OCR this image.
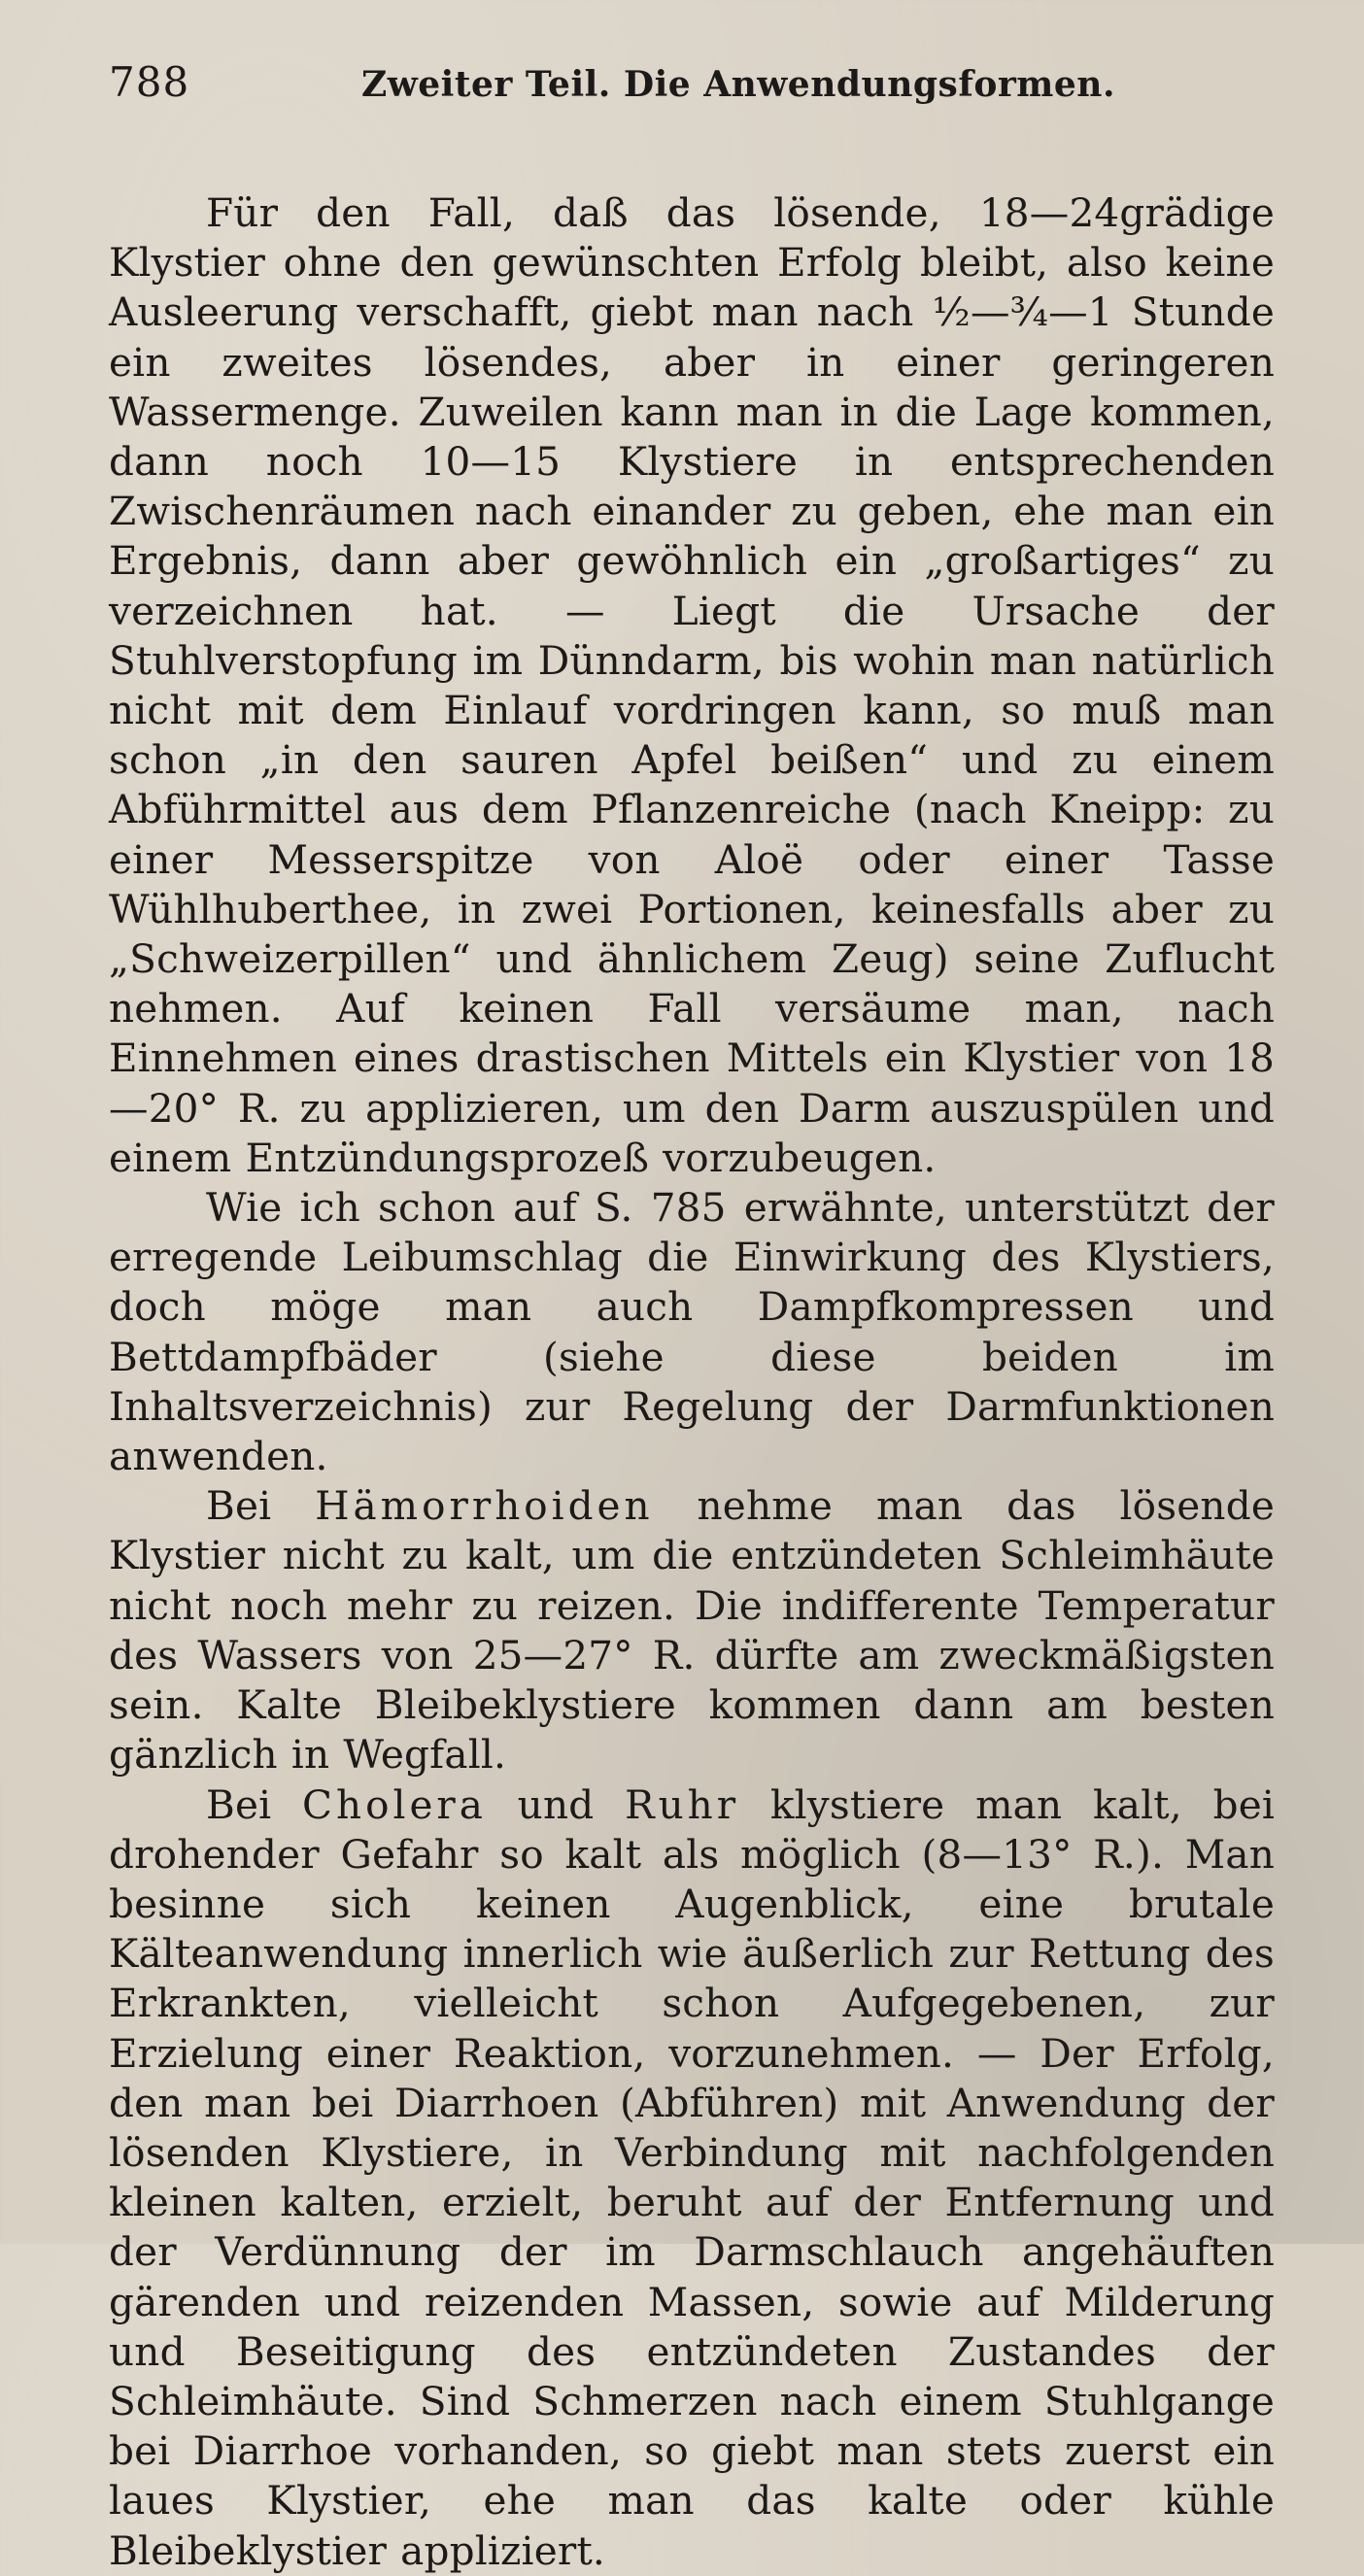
788	Zweiter Teil. Die Anwendungsformen.

Für den Fall, daß das lösende, 18—24grädige Klystier ohne den gewünschten Erfolg bleibt, also keine Ausleerung verschafft, giebt man nach ½—¾—1 Stunde ein zweites lösendes, aber in einer geringeren Wassermenge. Zuweilen kann man in die Lage kommen, dann noch 10—15 Klystiere in entsprechenden Zwischenräumen nach einander zu geben, ehe man ein Ergebnis, dann aber gewöhnlich ein „großartiges“ zu verzeichnen hat. — Liegt die Ursache der Stuhlverstopfung im Dünndarm, bis wohin man natürlich nicht mit dem Einlauf vordringen kann, so muß man schon „in den sauren Apfel beißen“ und zu einem Abführmittel aus dem Pflanzenreiche (nach Kneipp: zu einer Messerspitze von Aloë oder einer Tasse Wühlhuberthee, in zwei Portionen, keinesfalls aber zu „Schweizerpillen“ und ähnlichem Zeug) seine Zuflucht nehmen. Auf keinen Fall versäume man, nach Einnehmen eines drastischen Mittels ein Klystier von 18—20° R. zu applizieren, um den Darm auszuspülen und einem Entzündungsprozeß vorzubeugen.

Wie ich schon auf S. 785 erwähnte, unterstützt der erregende Leibumschlag die Einwirkung des Klystiers, doch möge man auch Dampfkompressen und Bettdampfbäder (siehe diese beiden im Inhaltsverzeichnis) zur Regelung der Darmfunktionen anwenden.

Bei Hämorrhoiden nehme man das lösende Klystier nicht zu kalt, um die entzündeten Schleimhäute nicht noch mehr zu reizen. Die indifferente Temperatur des Wassers von 25—27° R. dürfte am zweckmäßigsten sein. Kalte Bleibeklystiere kommen dann am besten gänzlich in Wegfall.

Bei Cholera und Ruhr klystiere man kalt, bei drohender Gefahr so kalt als möglich (8—13° R.). Man besinne sich keinen Augenblick, eine brutale Kälteanwendung innerlich wie äußerlich zur Rettung des Erkrankten, vielleicht schon Aufgegebenen, zur Erzielung einer Reaktion, vorzunehmen. — Der Erfolg, den man bei Diarrhoen (Abführen) mit Anwendung der lösenden Klystiere, in Verbindung mit nachfolgenden kleinen kalten, erzielt, beruht auf der Entfernung und der Verdünnung der im Darmschlauch angehäuften gärenden und reizenden Massen, sowie auf Milderung und Beseitigung des entzündeten Zustandes der Schleimhäute. Sind Schmerzen nach einem Stuhlgange bei Diarrhoe vorhanden, so giebt man stets zuerst ein laues Klystier, ehe man das kalte oder kühle Bleibeklystier appliziert.
